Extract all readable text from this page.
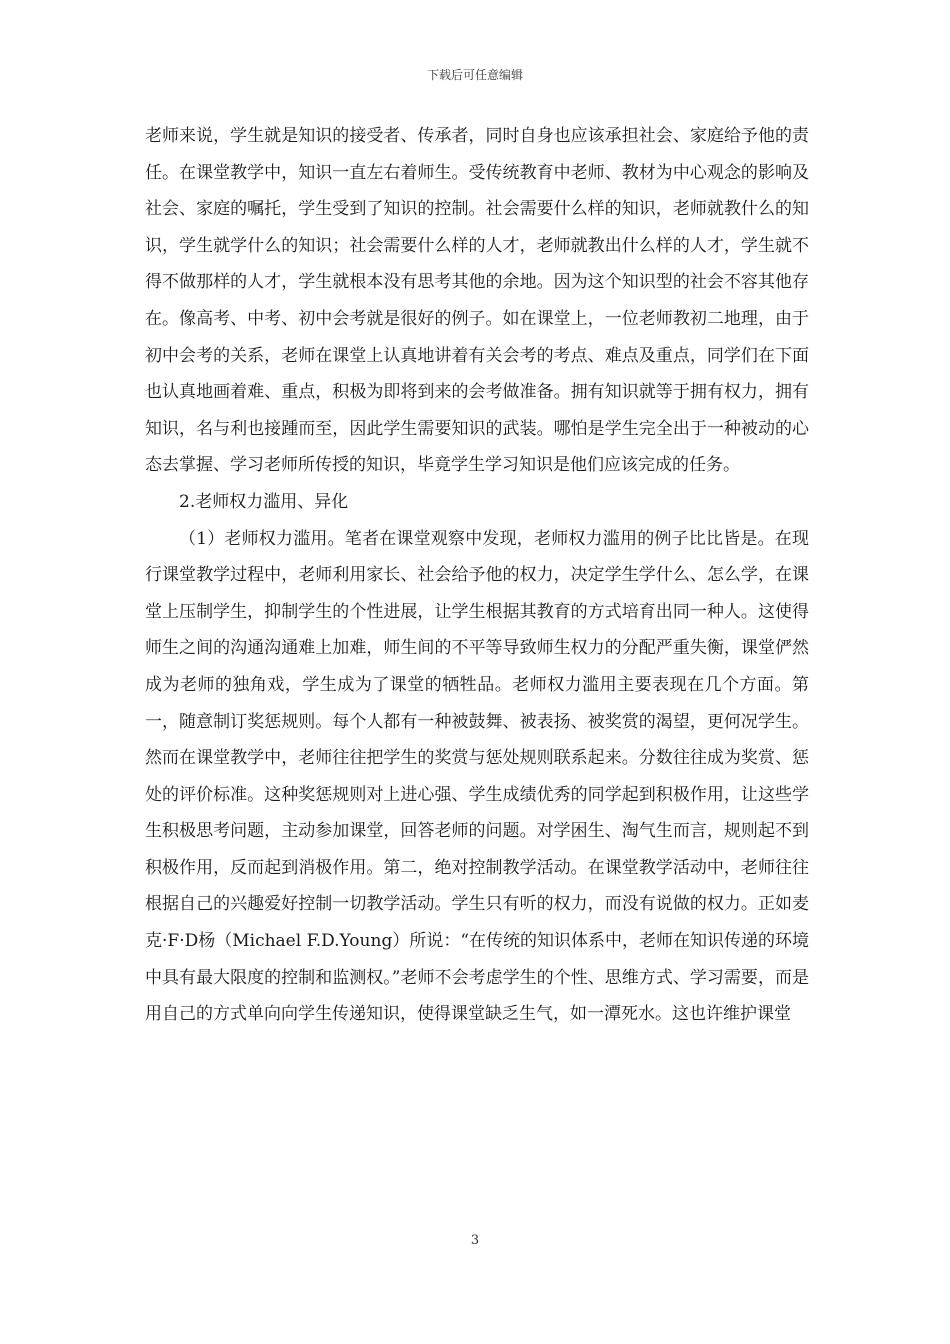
下载后可任意编辑

老师来说，学生就是知识的接受者、传承者，同时自身也应该承担社会、家庭给予他的责任。在课堂教学中，知识一直左右着师生。受传统教育中老师、教材为中心观念的影响及社会、家庭的嘱托，学生受到了知识的控制。社会需要什么样的知识，老师就教什么的知识，学生就学什么的知识；社会需要什么样的人才，老师就教出什么样的人才，学生就不得不做那样的人才，学生就根本没有思考其他的余地。因为这个知识型的社会不容其他存在。像高考、中考、初中会考就是很好的例子。如在课堂上，一位老师教初二地理，由于初中会考的关系，老师在课堂上认真地讲着有关会考的考点、难点及重点，同学们在下面也认真地画着难、重点，积极为即将到来的会考做准备。拥有知识就等于拥有权力，拥有知识，名与利也接踵而至，因此学生需要知识的武装。哪怕是学生完全出于一种被动的心态去掌握、学习老师所传授的知识，毕竟学生学习知识是他们应该完成的任务。

2.老师权力滥用、异化

（1）老师权力滥用。笔者在课堂观察中发现，老师权力滥用的例子比比皆是。在现行课堂教学过程中，老师利用家长、社会给予他的权力，决定学生学什么、怎么学，在课堂上压制学生，抑制学生的个性进展，让学生根据其教育的方式培育出同一种人。这使得师生之间的沟通沟通难上加难，师生间的不平等导致师生权力的分配严重失衡，课堂俨然成为老师的独角戏，学生成为了课堂的牺牲品。老师权力滥用主要表现在几个方面。第一，随意制订奖惩规则。每个人都有一种被鼓舞、被表扬、被奖赏的渴望，更何况学生。然而在课堂教学中，老师往往把学生的奖赏与惩处规则联系起来。分数往往成为奖赏、惩处的评价标准。这种奖惩规则对上进心强、学生成绩优秀的同学起到积极作用，让这些学生积极思考问题，主动参加课堂，回答老师的问题。对学困生、淘气生而言，规则起不到积极作用，反而起到消极作用。第二，绝对控制教学活动。在课堂教学活动中，老师往往根据自己的兴趣爱好控制一切教学活动。学生只有听的权力，而没有说做的权力。正如麦克·F·D杨（Michael F.D.Young）所说：“在传统的知识体系中，老师在知识传递的环境中具有最大限度的控制和监测权。”老师不会考虑学生的个性、思维方式、学习需要，而是用自己的方式单向向学生传递知识，使得课堂缺乏生气，如一潭死水。这也许维护课堂

3
